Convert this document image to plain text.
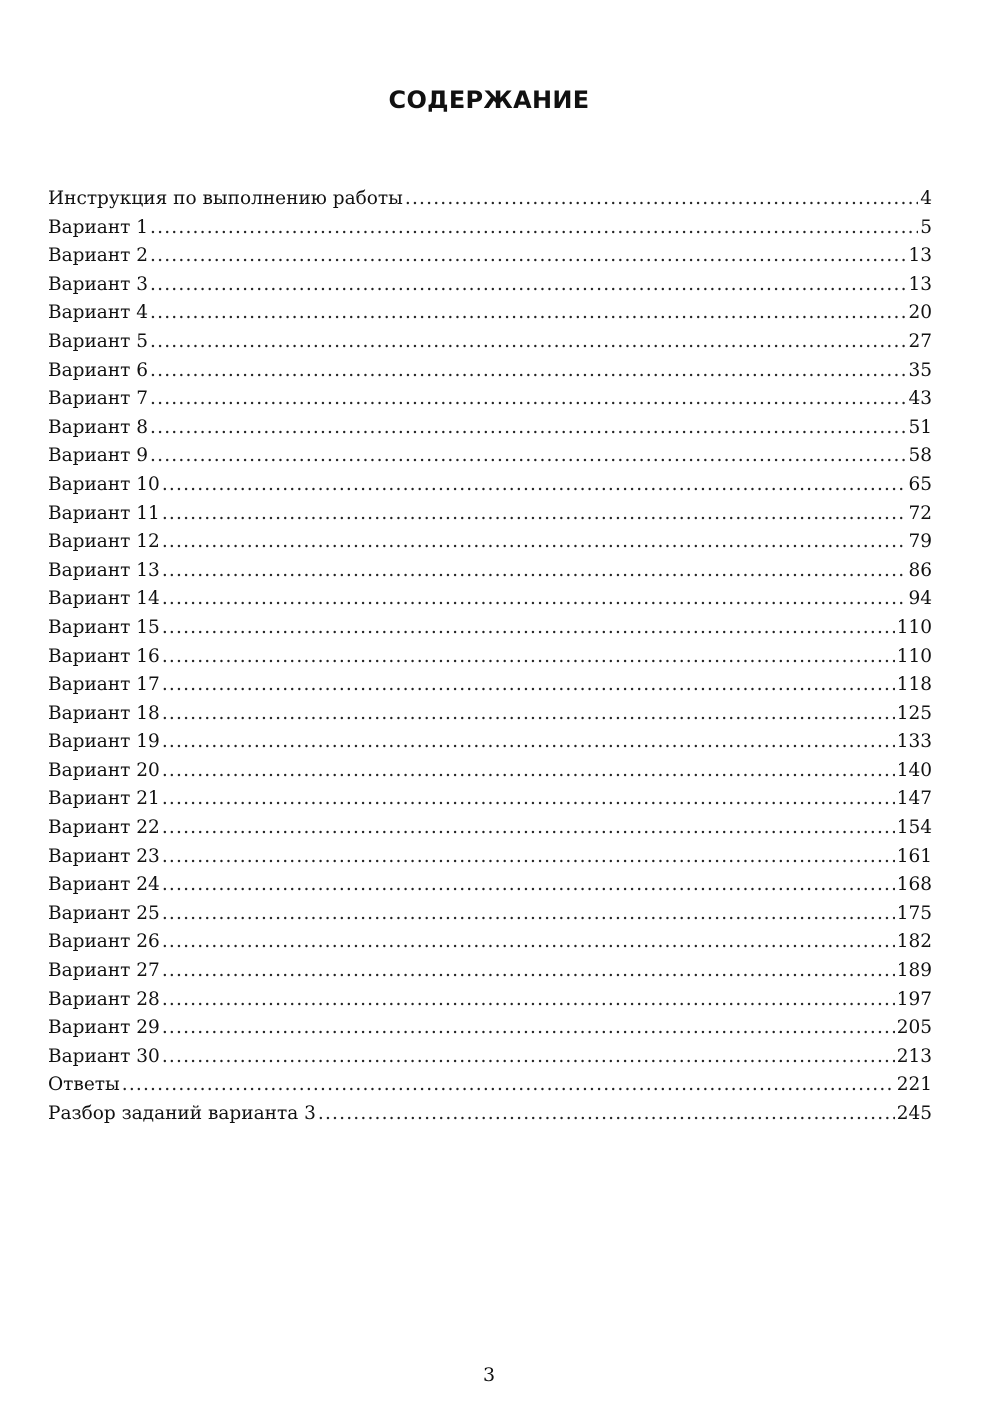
СОДЕРЖАНИЕ
Инструкция по выполнению работы .....	4
Вариант 1 .....	5
Вариант 2 .....	13
Вариант 3 .....	13
Вариант 4 .....	20
Вариант 5 .....	27
Вариант 6 .....	35
Вариант 7 .....	43
Вариант 8 .....	51
Вариант 9 .....	58
Вариант 10 .....	65
Вариант 11 .....	72
Вариант 12 .....	79
Вариант 13 .....	86
Вариант 14 .....	94
Вариант 15 .....	110
Вариант 16 .....	110
Вариант 17 .....	118
Вариант 18 .....	125
Вариант 19 .....	133
Вариант 20 .....	140
Вариант 21 .....	147
Вариант 22 .....	154
Вариант 23 .....	161
Вариант 24 .....	168
Вариант 25 .....	175
Вариант 26 .....	182
Вариант 27 .....	189
Вариант 28 .....	197
Вариант 29 .....	205
Вариант 30 .....	213
Ответы .....	221
Разбор заданий варианта 3 .....	245
3
